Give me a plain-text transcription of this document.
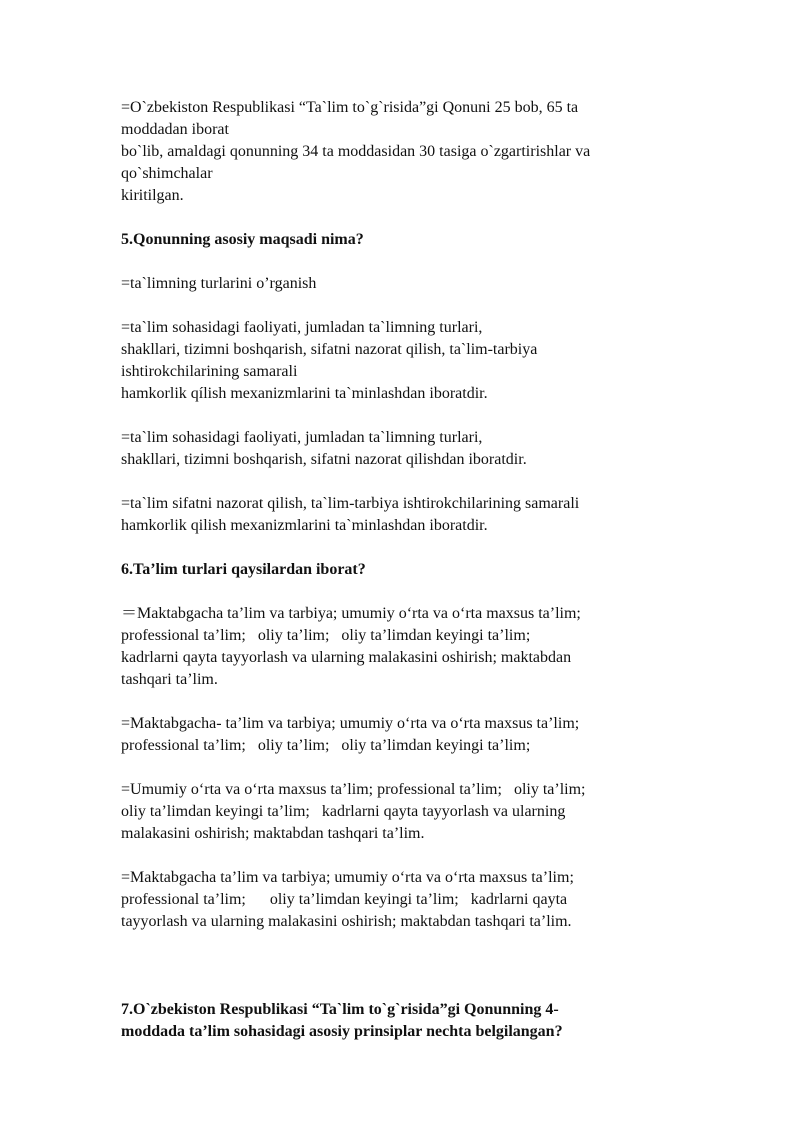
=O`zbekiston Respublikasi “Ta`lim to`g`risida”gi Qonuni 25 bob, 65 ta
moddadan iborat
bo`lib, amaldagi qonunning 34 ta moddasidan 30 tasiga o`zgartirishlar va
qo`shimchalar
kiritilgan.
5.Qonunning asosiy maqsadi nima?
=ta`limning turlarini o’rganish
=ta`lim sohasidagi faoliyati, jumladan ta`limning turlari,
shakllari, tizimni boshqarish, sifatni nazorat qilish, ta`lim-tarbiya
ishtirokchilarining samarali
hamkorlik qílish mexanizmlarini ta`minlashdan iboratdir.
=ta`lim sohasidagi faoliyati, jumladan ta`limning turlari,
shakllari, tizimni boshqarish, sifatni nazorat qilishdan iboratdir.
=ta`lim sifatni nazorat qilish, ta`lim-tarbiya ishtirokchilarining samarali
hamkorlik qilish mexanizmlarini ta`minlashdan iboratdir.
6.Ta’lim turlari qaysilardan iborat?
＝Maktabgacha ta’lim va tarbiya; umumiy o‘rta va o‘rta maxsus ta’lim;
professional ta’lim;   oliy ta’lim;   oliy ta’limdan keyingi ta’lim;
kadrlarni qayta tayyorlash va ularning malakasini oshirish; maktabdan
tashqari ta’lim.
=Maktabgacha- ta’lim va tarbiya; umumiy o‘rta va o‘rta maxsus ta’lim;
professional ta’lim;   oliy ta’lim;   oliy ta’limdan keyingi ta’lim;
=Umumiy o‘rta va o‘rta maxsus ta’lim; professional ta’lim;   oliy ta’lim;
oliy ta’limdan keyingi ta’lim;   kadrlarni qayta tayyorlash va ularning
malakasini oshirish; maktabdan tashqari ta’lim.
=Maktabgacha ta’lim va tarbiya; umumiy o‘rta va o‘rta maxsus ta’lim;
professional ta’lim;      oliy ta’limdan keyingi ta’lim;   kadrlarni qayta
tayyorlash va ularning malakasini oshirish; maktabdan tashqari ta’lim.
7.O`zbekiston Respublikasi “Ta`lim to`g`risida”gi Qonunning 4-
moddada ta’lim sohasidagi asosiy prinsiplar nechta belgilangan?
